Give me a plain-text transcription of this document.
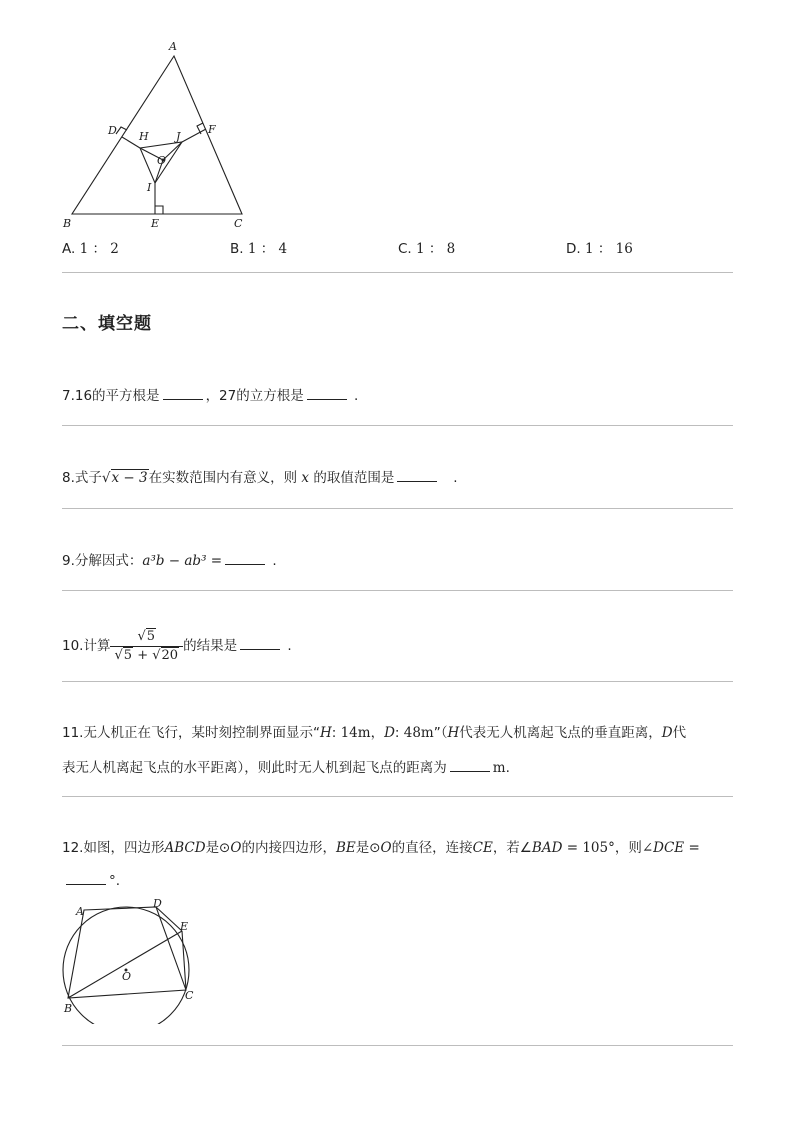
A
D	F
H J
O
I
B	E	C
A. 1 ： 2	B. 1 ： 4	C. 1 ： 8	D. 1 ： 16
二、填空题
7.16的平方根是	，27的立方根是	.
8.式子√x − 3在实数范围内有意义，则 x 的取值范围是	.
9.分解因式：a³b − ab³ =	.
10.计算 $\frac{√5}{√5 + √20}$ 的结果是	.
11.无人机正在飞行，某时刻控制界面显示“H: 14m，D: 48m”（H代表无人机离起飞点的垂直距离，D代
表无人机离起飞点的水平距离），则此时无人机到起飞点的距离为	m.
12.如图，四边形ABCD是⊙O的内接四边形，BE是⊙O的直径，连接CE，若∠BAD = 105°，则∠DCE =
°.
A
D
E
O
C
B
